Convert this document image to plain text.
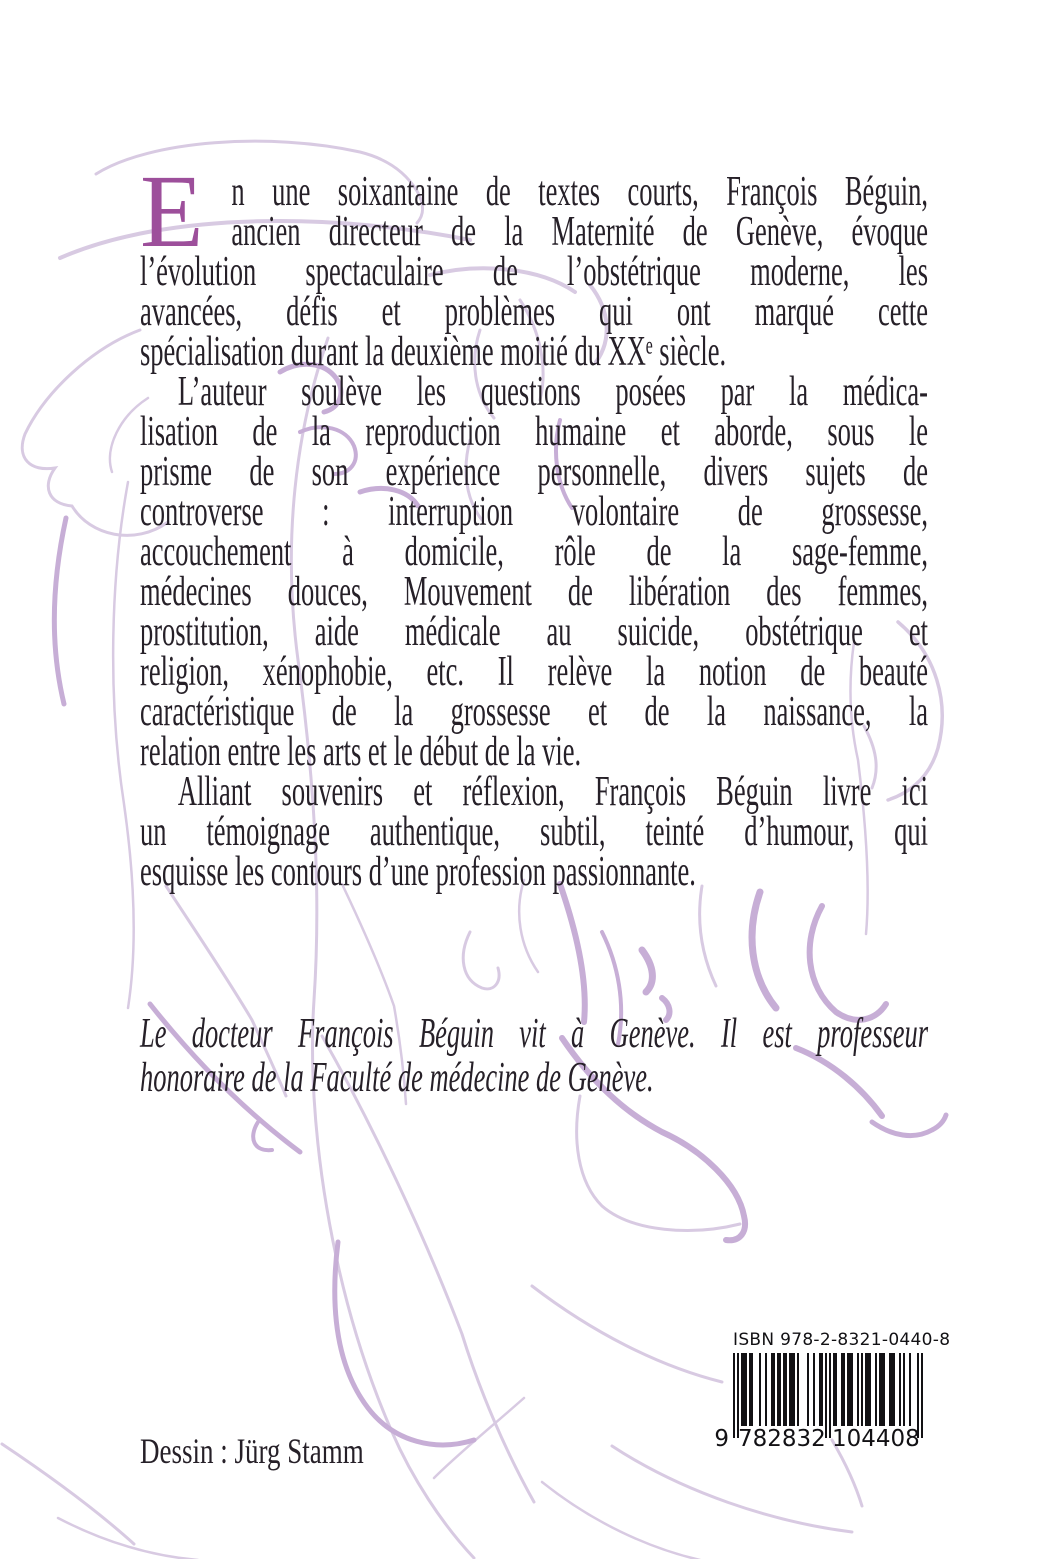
E n une soixantaine de textes courts, François Béguin,
ancien directeur de la Maternité de Genève, évoque
l’évolution spectaculaire de l’obstétrique moderne, les
avancées, défis et problèmes qui ont marqué cette
spécialisation durant la deuxième moitié du XXᵉ siècle.
L’auteur soulève les questions posées par la médica-
lisation de la reproduction humaine et aborde, sous le
prisme de son expérience personnelle, divers sujets de
controverse : interruption volontaire de grossesse,
accouchement à domicile, rôle de la sage-femme,
médecines douces, Mouvement de libération des femmes,
prostitution, aide médicale au suicide, obstétrique et
religion, xénophobie, etc. Il relève la notion de beauté
caractéristique de la grossesse et de la naissance, la
relation entre les arts et le début de la vie.
Alliant souvenirs et réflexion, François Béguin livre ici
un témoignage authentique, subtil, teinté d’humour, qui
esquisse les contours d’une profession passionnante.
Le docteur François Béguin vit à Genève. Il est professeur
honoraire de la Faculté de médecine de Genève.
Dessin : Jürg Stamm
ISBN 978-2-8321-0440-8
9 782832 104408
